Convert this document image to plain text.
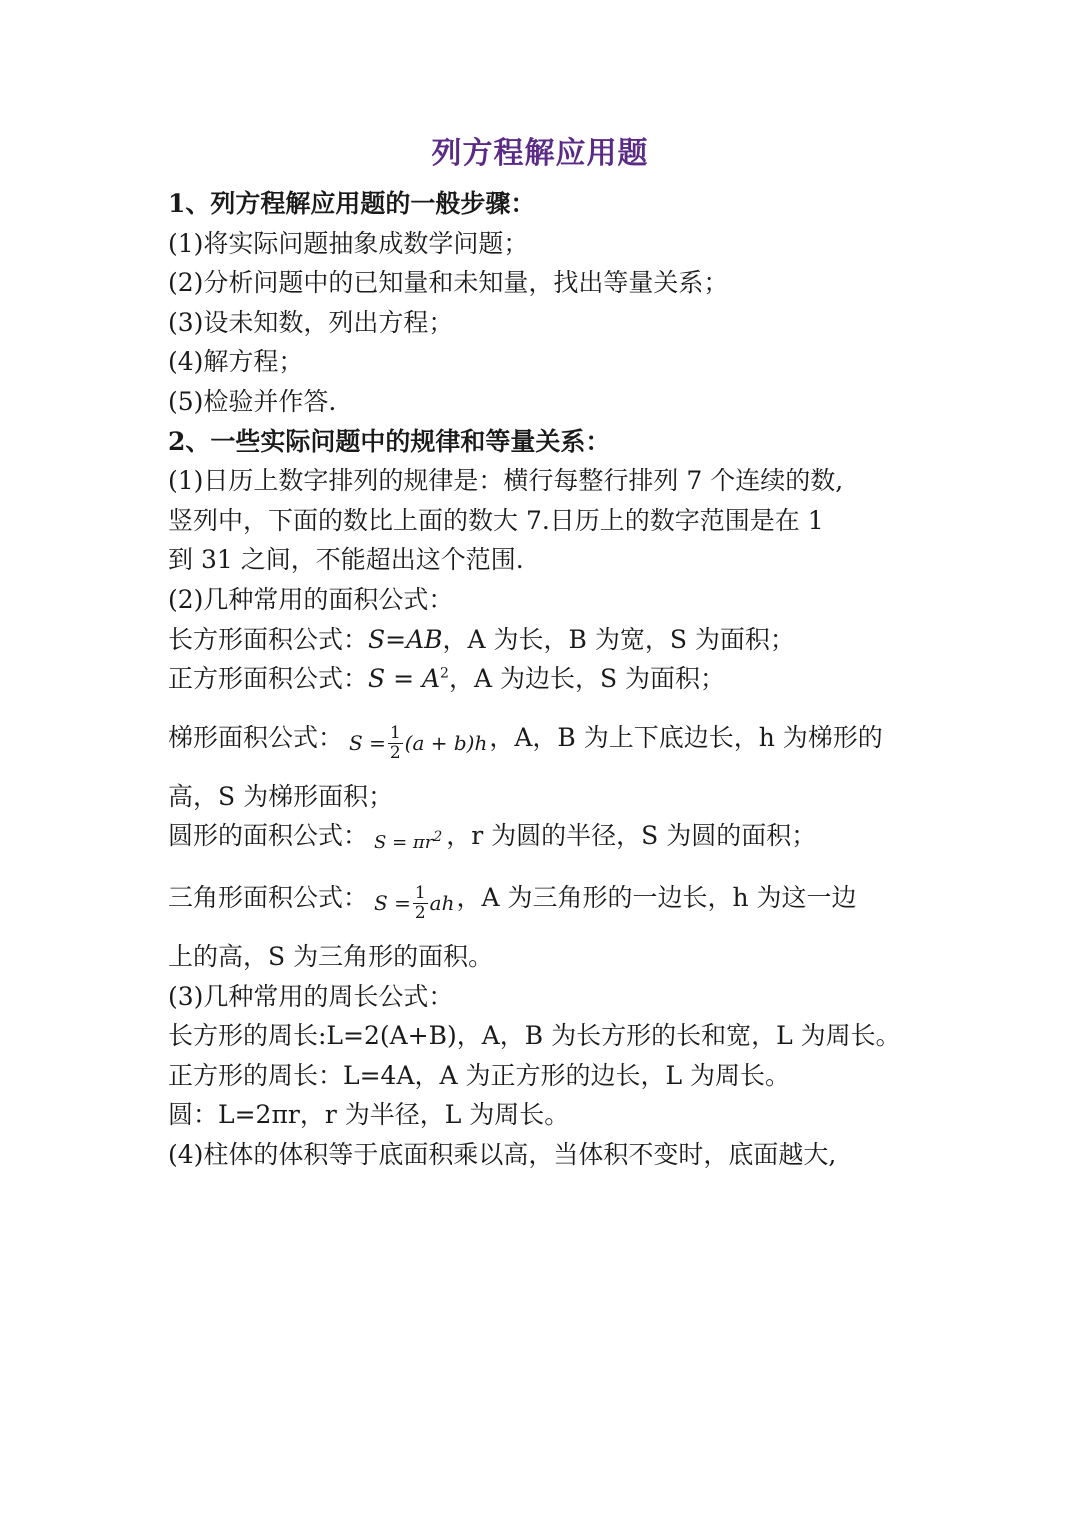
列方程解应用题
1、列方程解应用题的一般步骤：
(1)将实际问题抽象成数学问题；
(2)分析问题中的已知量和未知量，找出等量关系；
(3)设未知数，列出方程；
(4)解方程；
(5)检验并作答.
2、一些实际问题中的规律和等量关系：
(1)日历上数字排列的规律是：横行每整行排列 7 个连续的数,
竖列中，下面的数比上面的数大 7.日历上的数字范围是在 1
到 31 之间，不能超出这个范围.
(2)几种常用的面积公式：
长方形面积公式：S=AB，A 为长，B 为宽，S 为面积；
正方形面积公式：$S = A^2$，A 为边长，S 为面积；
梯形面积公式： $S = \frac{1}{2} (a + b)h$ ，A，B 为上下底边长，h 为梯形的
高，S 为梯形面积；
圆形的面积公式： $S = \pi r^2$ ，r 为圆的半径，S 为圆的面积；
三角形面积公式： $S = \frac{1}{2}$ ah ，A 为三角形的一边长，h 为这一边
上的高，S 为三角形的面积。
(3)几种常用的周长公式：
长方形的周长:L=2(A+B)，A，B 为长方形的长和宽，L 为周长。
正方形的周长：L=4A，A 为正方形的边长，L 为周长。
圆：L=2πr，r 为半径，L 为周长。
(4)柱体的体积等于底面积乘以高，当体积不变时，底面越大,
